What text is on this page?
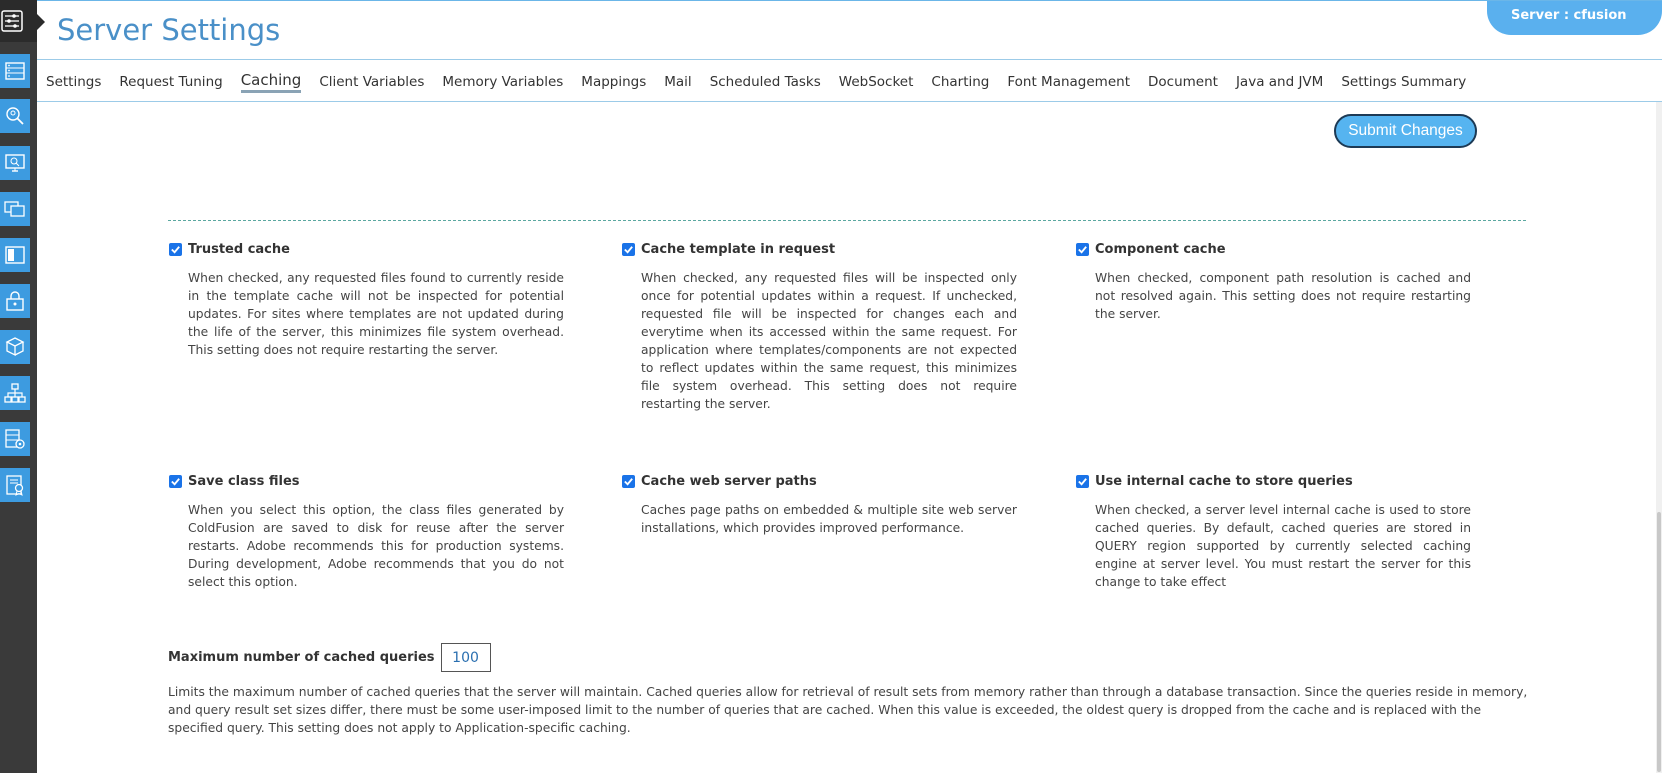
Server Settings	Server : cfusion
Settings Request Tuning Caching Client Variables Memory Variables Mappings Mail Scheduled Tasks WebSocket Charting Font Management Document Java and JVM Settings Summary
Submit Changes
Trusted cache
When checked, any requested files found to currently reside in the template cache will not be inspected for potential updates. For sites where templates are not updated during the life of the server, this minimizes file system overhead. This setting does not require restarting the server.
Cache template in request
When checked, any requested files will be inspected only once for potential updates within a request. If unchecked, requested file will be inspected for changes each and everytime when its accessed within the same request. For application where templates/components are not expected to reflect updates within the same request, this minimizes file system overhead. This setting does not require restarting the server.
Component cache
When checked, component path resolution is cached and not resolved again. This setting does not require restarting the server.
Save class files
When you select this option, the class files generated by ColdFusion are saved to disk for reuse after the server restarts. Adobe recommends this for production systems. During development, Adobe recommends that you do not select this option.
Cache web server paths
Caches page paths on embedded & multiple site web server installations, which provides improved performance.
Use internal cache to store queries
When checked, a server level internal cache is used to store cached queries. By default, cached queries are stored in QUERY region supported by currently selected caching engine at server level. You must restart the server for this change to take effect
Maximum number of cached queries
100
Limits the maximum number of cached queries that the server will maintain. Cached queries allow for retrieval of result sets from memory rather than through a database transaction. Since the queries reside in memory, and query result set sizes differ, there must be some user-imposed limit to the number of queries that are cached. When this value is exceeded, the oldest query is dropped from the cache and is replaced with the specified query. This setting does not apply to Application-specific caching.
